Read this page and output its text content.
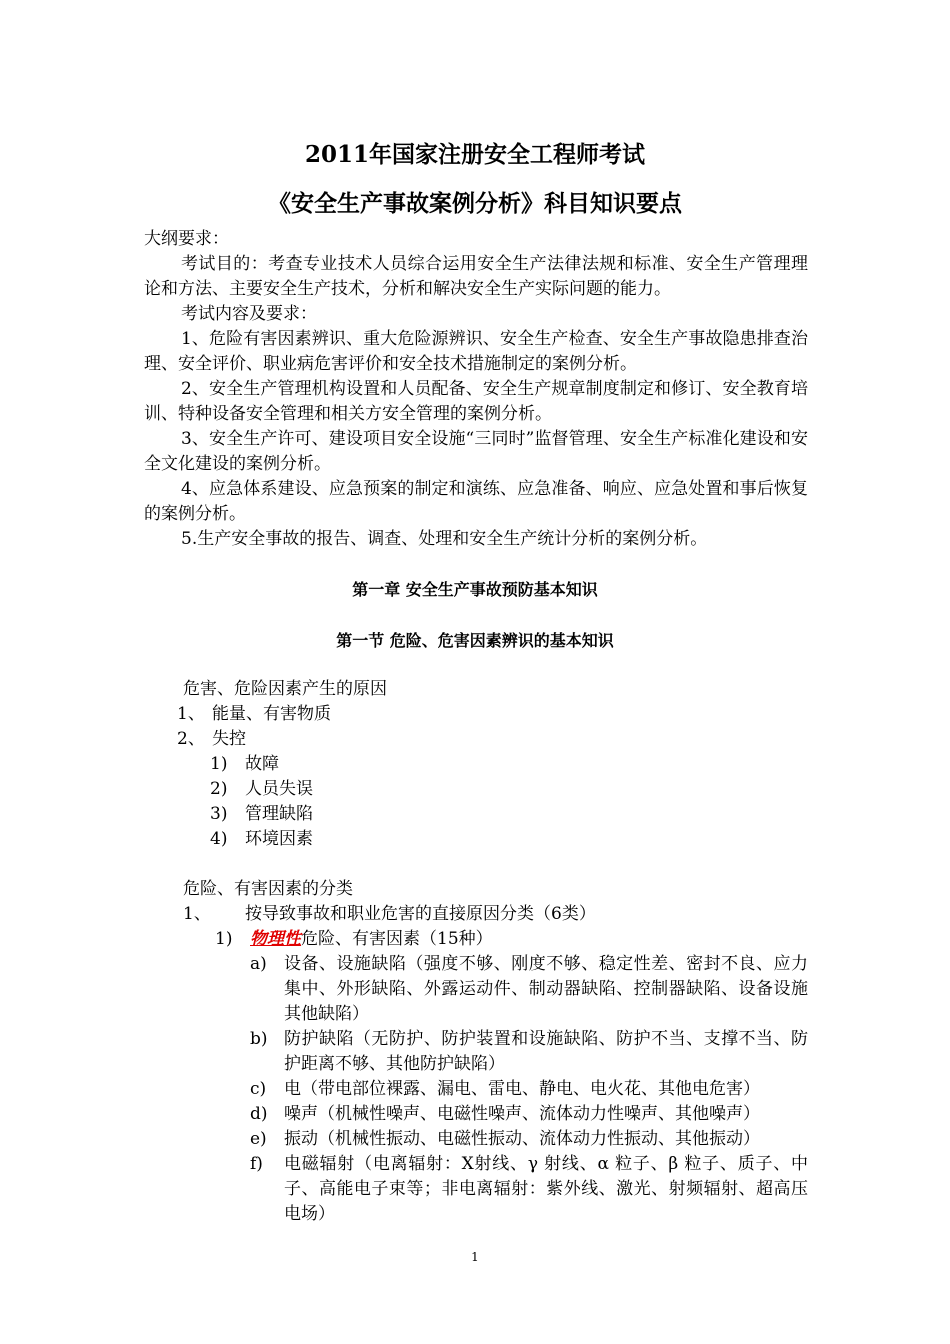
2011年国家注册安全工程师考试
《安全生产事故案例分析》科目知识要点
大纲要求：
考试目的：考查专业技术人员综合运用安全生产法律法规和标准、安全生产管理理论和方法、主要安全生产技术，分析和解决安全生产实际问题的能力。
考试内容及要求：
1、危险有害因素辨识、重大危险源辨识、安全生产检查、安全生产事故隐患排查治理、安全评价、职业病危害评价和安全技术措施制定的案例分析。
2、安全生产管理机构设置和人员配备、安全生产规章制度制定和修订、安全教育培训、特种设备安全管理和相关方安全管理的案例分析。
3、安全生产许可、建设项目安全设施“三同时”监督管理、安全生产标准化建设和安全文化建设的案例分析。
4、应急体系建设、应急预案的制定和演练、应急准备、响应、应急处置和事后恢复的案例分析。
5.生产安全事故的报告、调查、处理和安全生产统计分析的案例分析。
第一章 安全生产事故预防基本知识
第一节 危险、危害因素辨识的基本知识
危害、危险因素产生的原因
1、 能量、有害物质
2、 失控
1) 故障
2) 人员失误
3) 管理缺陷
4) 环境因素
危险、有害因素的分类
1、 按导致事故和职业危害的直接原因分类（6类）
1) 物理性危险、有害因素（15种）
a) 设备、设施缺陷（强度不够、刚度不够、稳定性差、密封不良、应力集中、外形缺陷、外露运动件、制动器缺陷、控制器缺陷、设备设施其他缺陷）
b) 防护缺陷（无防护、防护装置和设施缺陷、防护不当、支撑不当、防护距离不够、其他防护缺陷）
c) 电（带电部位裸露、漏电、雷电、静电、电火花、其他电危害）
d) 噪声（机械性噪声、电磁性噪声、流体动力性噪声、其他噪声）
e) 振动（机械性振动、电磁性振动、流体动力性振动、其他振动）
f) 电磁辐射（电离辐射：X射线、γ 射线、α 粒子、β 粒子、质子、中子、高能电子束等；非电离辐射：紫外线、激光、射频辐射、超高压电场）
1
